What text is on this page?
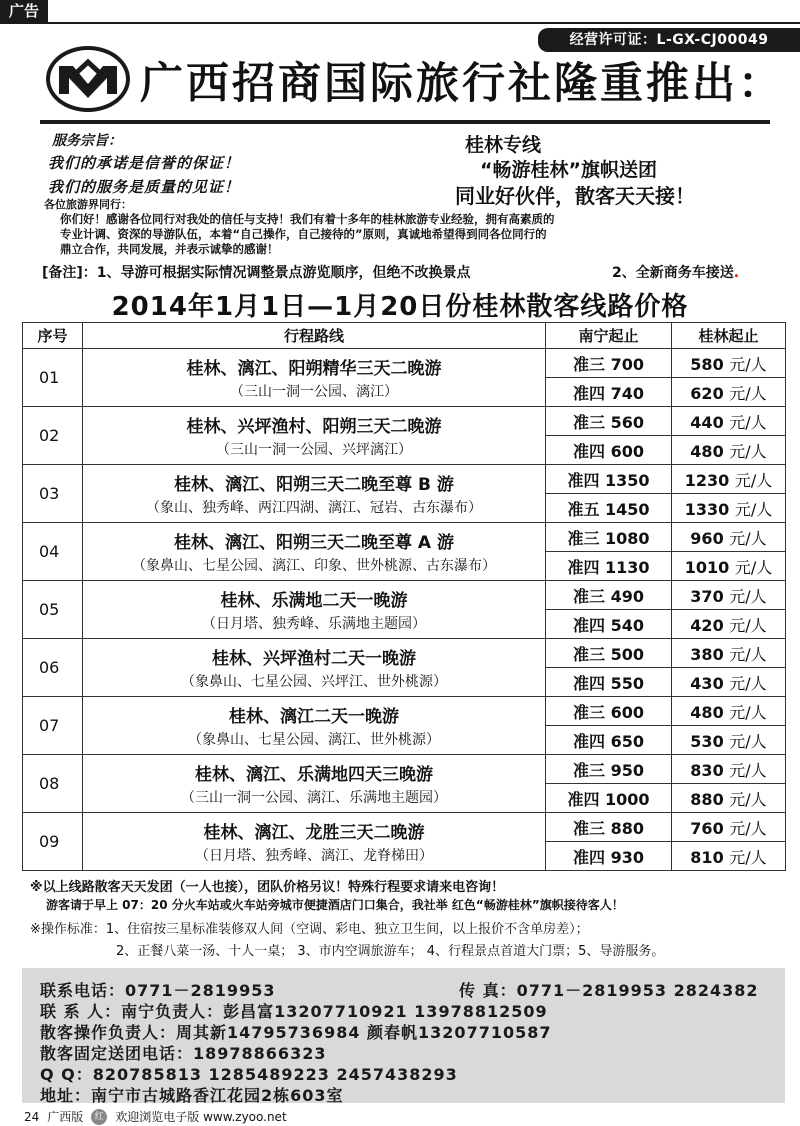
广告
经营许可证：L-GX-CJ00049
广西招商国际旅行社隆重推出：
服务宗旨：
我们的承诺是信誉的保证！
我们的服务是质量的见证！
桂林专线
“畅游桂林”旗帜送团
同业好伙伴，散客天天接！
各位旅游界同行：
你们好！感谢各位同行对我处的信任与支持！我们有着十多年的桂林旅游专业经验，拥有高素质的
专业计调、资深的导游队伍，本着“自己操作，自己接待的”原则，真诚地希望得到同各位同行的
鼎立合作，共同发展，并表示诚挚的感谢！
[备注]：1、导游可根据实际情况调整景点游览顺序，但绝不改换景点	2、全新商务车接送.
2014年1月1日—1月20日份桂林散客线路价格
序号	行程路线	南宁起止	桂林起止
01	桂林、漓江、阳朔精华三天二晚游
（三山一洞一公园、漓江）	准三 700	580 元/人
		准四 740	620 元/人
02	桂林、兴坪渔村、阳朔三天二晚游
（三山一洞一公园、兴坪漓江）	准三 560	440 元/人
		准四 600	480 元/人
03	桂林、漓江、阳朔三天二晚至尊 B 游
（象山、独秀峰、两江四湖、漓江、冠岩、古东瀑布）	准四 1350	1230 元/人
		准五 1450	1330 元/人
04	桂林、漓江、阳朔三天二晚至尊 A 游
（象鼻山、七星公园、漓江、印象、世外桃源、古东瀑布）	准三 1080	960 元/人
		准四 1130	1010 元/人
05	桂林、乐满地二天一晚游
（日月塔、独秀峰、乐满地主题园）	准三 490	370 元/人
		准四 540	420 元/人
06	桂林、兴坪渔村二天一晚游
（象鼻山、七星公园、兴坪江、世外桃源）	准三 500	380 元/人
		准四 550	430 元/人
07	桂林、漓江二天一晚游
（象鼻山、七星公园、漓江、世外桃源）	准三 600	480 元/人
		准四 650	530 元/人
08	桂林、漓江、乐满地四天三晚游
（三山一洞一公园、漓江、乐满地主题园）	准三 950	830 元/人
		准四 1000	880 元/人
09	桂林、漓江、龙胜三天二晚游
（日月塔、独秀峰、漓江、龙脊梯田）	准三 880	760 元/人
		准四 930	810 元/人
※以上线路散客天天发团（一人也接），团队价格另议！特殊行程要求请来电咨询！
游客请于早上 07：20 分火车站或火车站旁城市便捷酒店门口集合，我社举 红色“畅游桂林”旗帜接待客人！
※操作标准：1、住宿按三星标准装修双人间（空调、彩电、独立卫生间，以上报价不含单房差）；
2、正餐八菜一汤、十人一桌； 3、市内空调旅游车； 4、行程景点首道大门票；5、导游服务。
联系电话：0771－2819953	传 真：0771－2819953 2824382
联 系 人：南宁负责人：彭昌富13207710921 13978812509
散客操作负责人：周其新14795736984 颜春帆13207710587
散客固定送团电话：18978866323
Q Q：820785813 1285489223 2457438293
地址：南宁市古城路香江花园2栋603室
24 广西版	红 欢迎浏览电子版 www.zyoo.net
